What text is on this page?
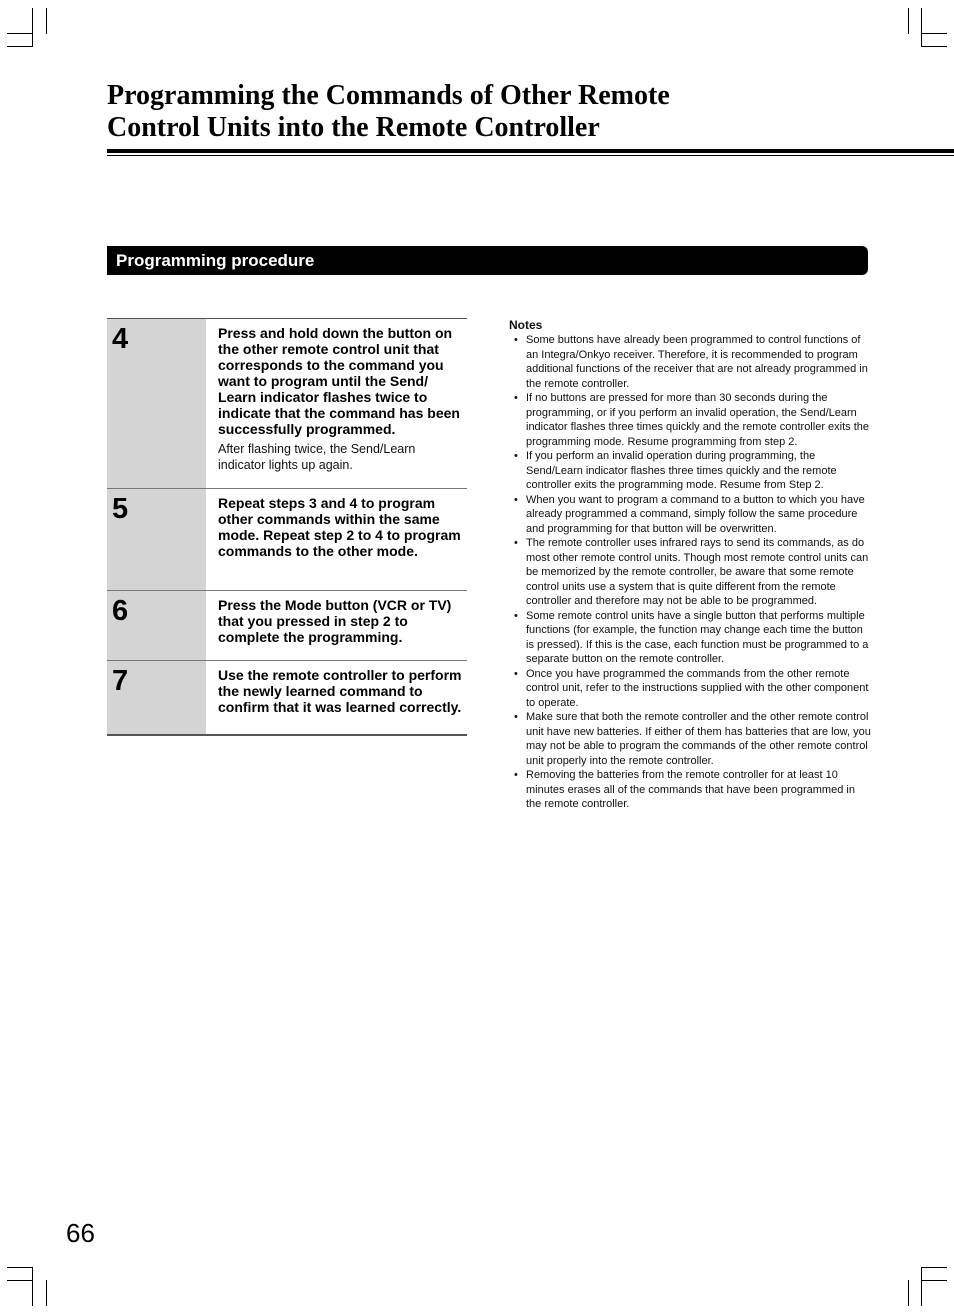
Programming the Commands of Other Remote
Control Units into the Remote Controller
Programming procedure
4	Press and hold down the button on the other remote control unit that corresponds to the command you want to program until the Send/ Learn indicator flashes twice to indicate that the command has been successfully programmed.
After flashing twice, the Send/Learn indicator lights up again.
5	Repeat steps 3 and 4 to program other commands within the same mode. Repeat step 2 to 4 to program commands to the other mode.
6	Press the Mode button (VCR or TV) that you pressed in step 2 to complete the programming.
7	Use the remote controller to perform the newly learned command to confirm that it was learned correctly.
Notes
• Some buttons have already been programmed to control functions of an Integra/Onkyo receiver. Therefore, it is recommended to program additional functions of the receiver that are not already programmed in the remote controller.
• If no buttons are pressed for more than 30 seconds during the programming, or if you perform an invalid operation, the Send/Learn indicator flashes three times quickly and the remote controller exits the programming mode. Resume programming from step 2.
• If you perform an invalid operation during programming, the Send/Learn indicator flashes three times quickly and the remote controller exits the programming mode. Resume from Step 2.
• When you want to program a command to a button to which you have already programmed a command, simply follow the same procedure and programming for that button will be overwritten.
• The remote controller uses infrared rays to send its commands, as do most other remote control units. Though most remote control units can be memorized by the remote controller, be aware that some remote control units use a system that is quite different from the remote controller and therefore may not be able to be programmed.
• Some remote control units have a single button that performs multiple functions (for example, the function may change each time the button is pressed). If this is the case, each function must be programmed to a separate button on the remote controller.
• Once you have programmed the commands from the other remote control unit, refer to the instructions supplied with the other component to operate.
• Make sure that both the remote controller and the other remote control unit have new batteries. If either of them has batteries that are low, you may not be able to program the commands of the other remote control unit properly into the remote controller.
• Removing the batteries from the remote controller for at least 10 minutes erases all of the commands that have been programmed in the remote controller.
66
